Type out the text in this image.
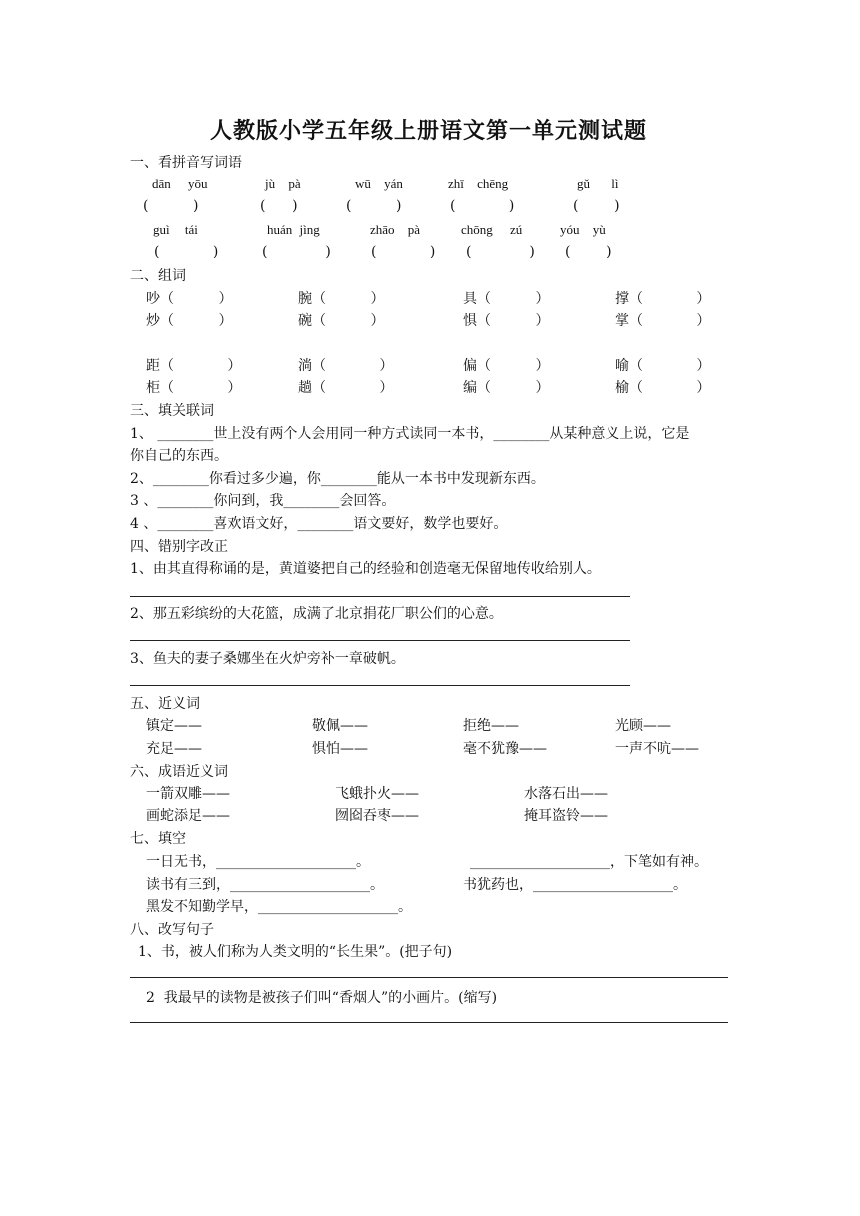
人教版小学五年级上册语文第一单元测试题
一、看拼音写词语
dān yōu	jù pà	wū yán	zhī chēng	gǔ lì
(          )	(      )	(          )	(            )	(        )
guì tái	huán jìng	zhāo pà	chōng zú	yóu yù
(            )	(             )	(            ) (             ) (        )
二、组词
吵（          ）	腕（          ）	具（          ）	撑（            ）
炒（          ）	碗（          ）	惧（          ）	掌（            ）
距（            ）	淌（            ）	偏（          ）	喻（            ）
柜（            ）	趟（            ）	编（          ）	榆（            ）
三、填关联词
1、 ________世上没有两个人会用同一种方式读同一本书，________从某种意义上说，它是
你自己的东西。
2、________你看过多少遍，你________能从一本书中发现新东西。
3 、________你问到，我________会回答。
4 、________喜欢语文好，________语文要好，数学也要好。
四、错别字改正
1、由其直得称诵的是，黄道婆把自己的经验和创造毫无保留地传收给别人。
2、那五彩缤纷的大花篮，成满了北京捐花厂职公们的心意。
3、鱼夫的妻子桑娜坐在火炉旁补一章破帆。
五、近义词
镇定——	敬佩——	拒绝——	光顾——
充足——	惧怕——	毫不犹豫——	一声不吭——
六、成语近义词
一箭双雕——	飞蛾扑火——	水落石出——
画蛇添足——	囫囵吞枣——	掩耳盗铃——
七、填空
一日无书，____________________。	____________________，下笔如有神。
读书有三到，____________________。	书犹药也，____________________。
黑发不知勤学早，____________________。
八、改写句子
1、书，被人们称为人类文明的“长生果”。(把子句)
2  我最早的读物是被孩子们叫“香烟人”的小画片。(缩写)
